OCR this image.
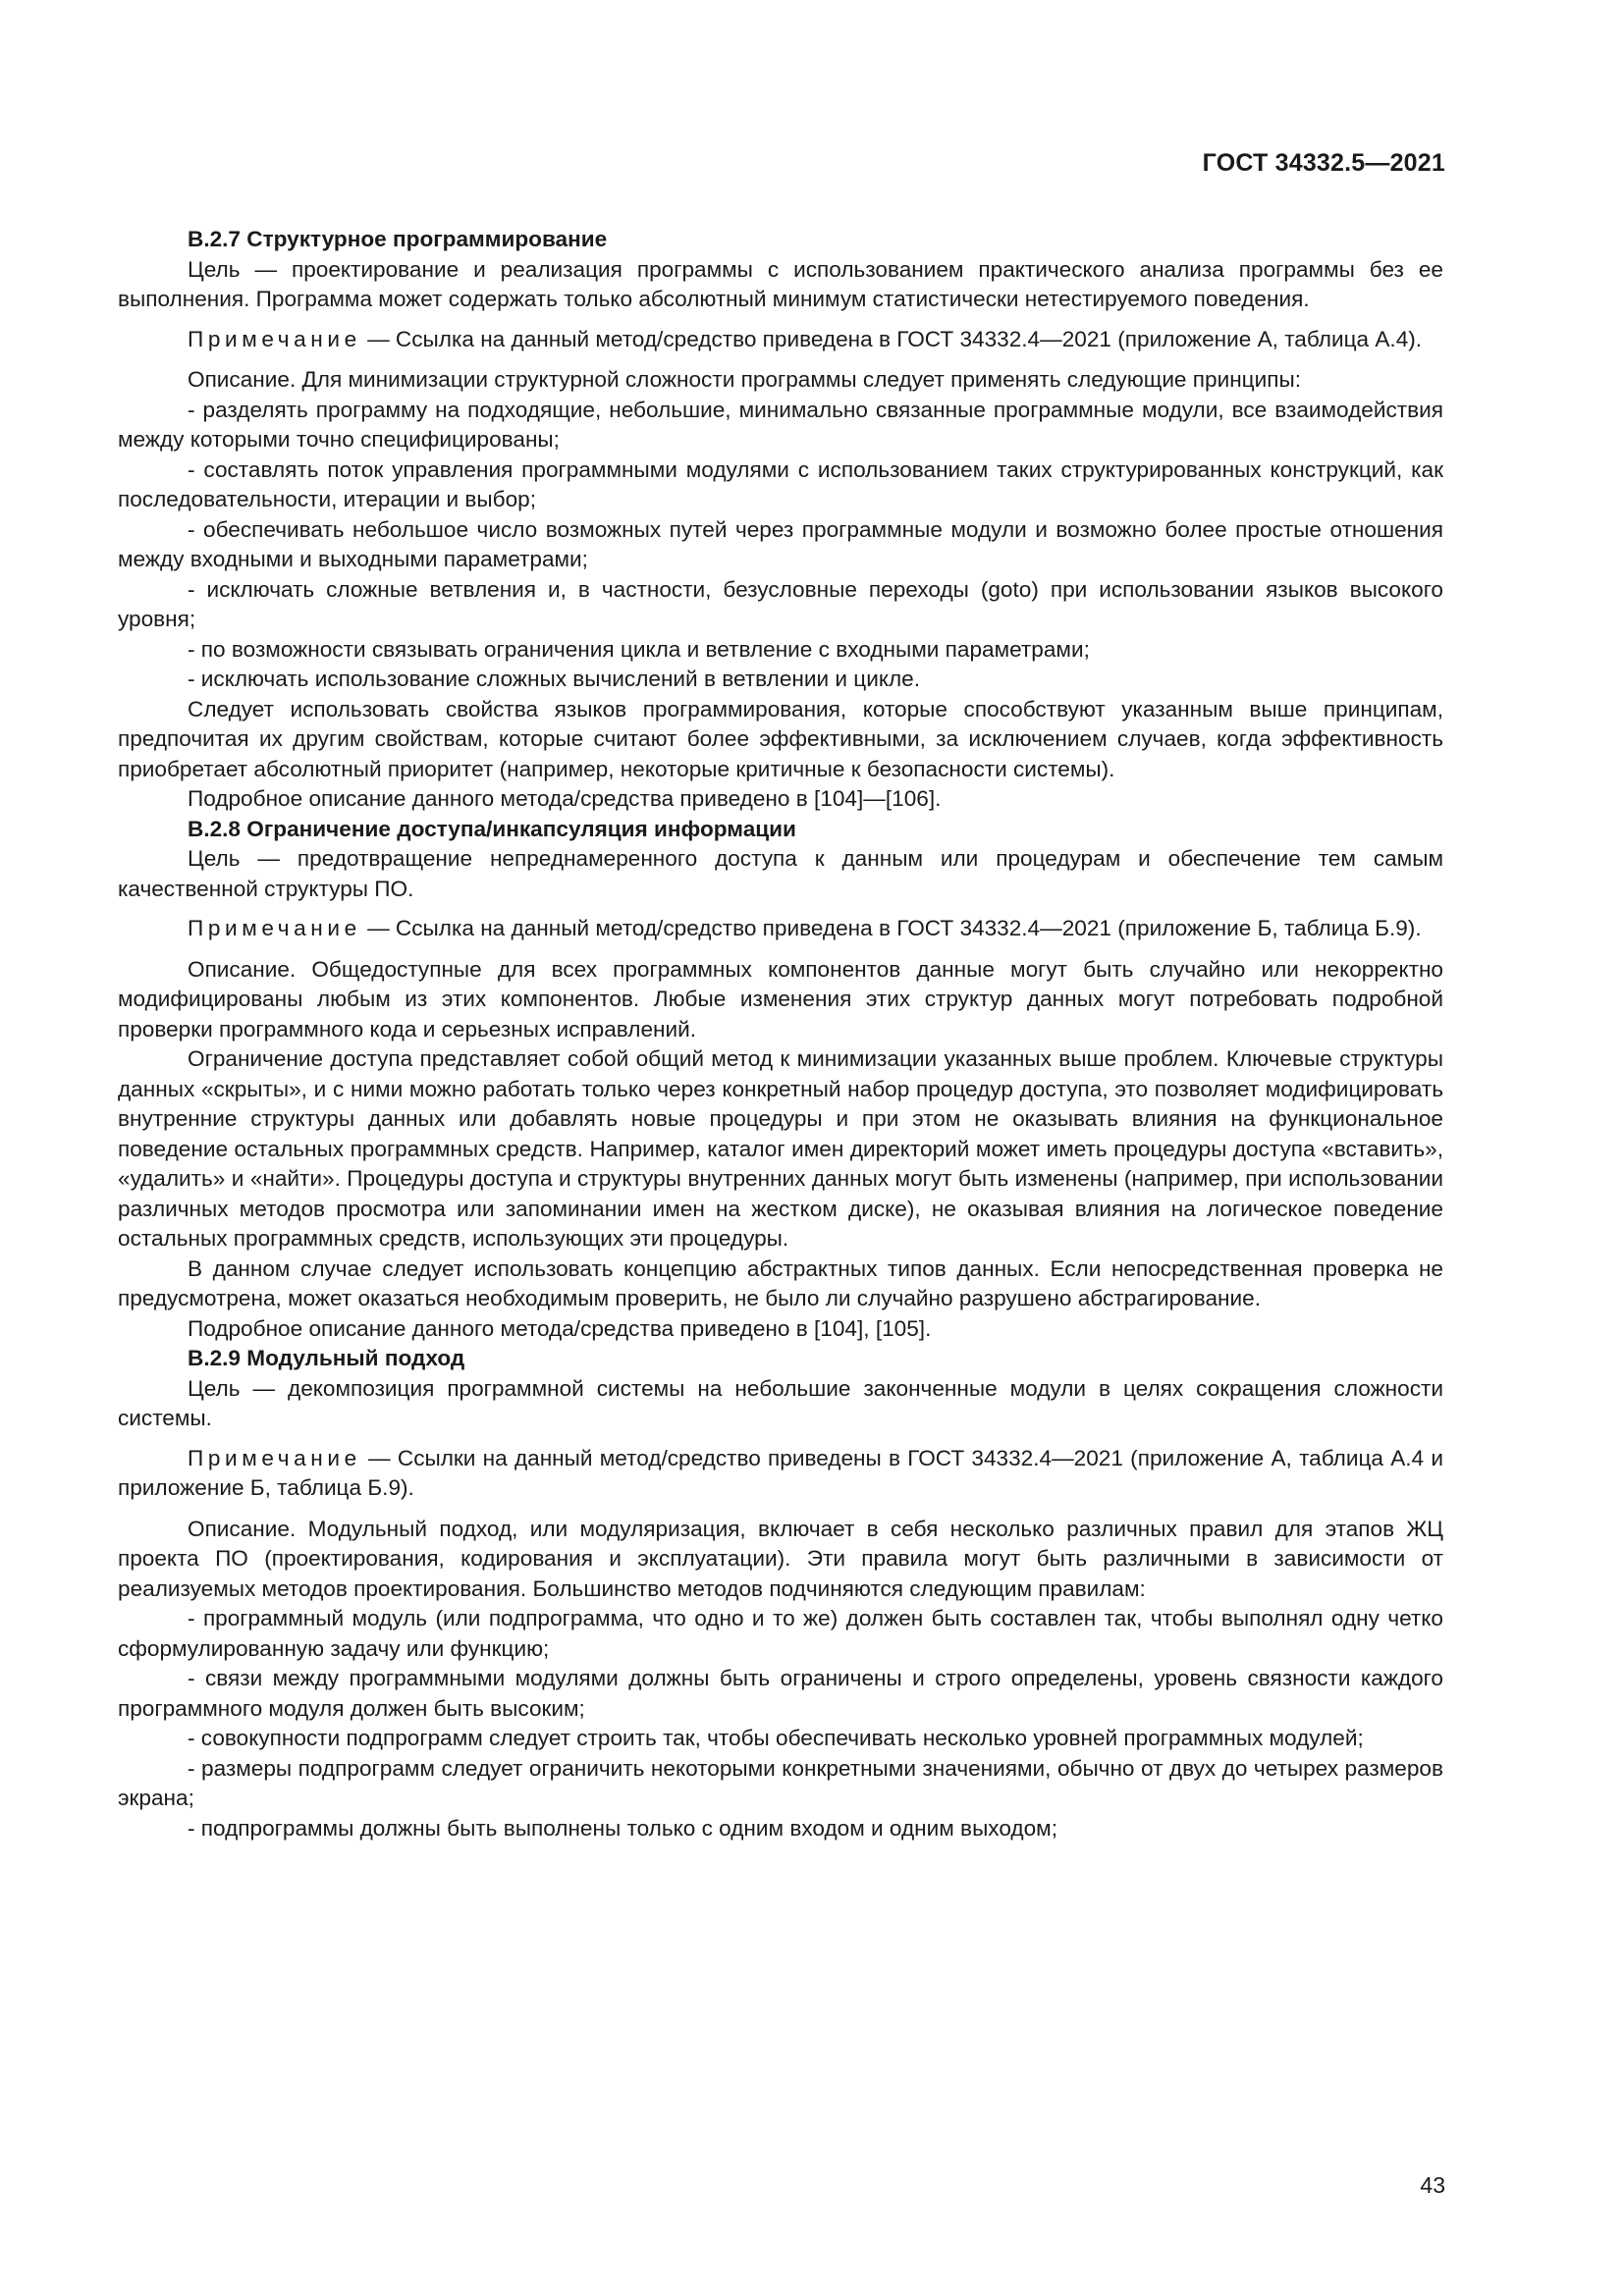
ГОСТ 34332.5—2021
В.2.7 Структурное программирование

Цель — проектирование и реализация программы с использованием практического анализа программы без ее выполнения. Программа может содержать только абсолютный минимум статистически нетестируемого поведения.

Примечание — Ссылка на данный метод/средство приведена в ГОСТ 34332.4—2021 (приложение А, таблица А.4).

Описание. Для минимизации структурной сложности программы следует применять следующие принципы:

- разделять программу на подходящие, небольшие, минимально связанные программные модули, все взаимодействия между которыми точно специфицированы;

- составлять поток управления программными модулями с использованием таких структурированных конструкций, как последовательности, итерации и выбор;

- обеспечивать небольшое число возможных путей через программные модули и возможно более простые отношения между входными и выходными параметрами;

- исключать сложные ветвления и, в частности, безусловные переходы (goto) при использовании языков высокого уровня;

- по возможности связывать ограничения цикла и ветвление с входными параметрами;

- исключать использование сложных вычислений в ветвлении и цикле.

Следует использовать свойства языков программирования, которые способствуют указанным выше принципам, предпочитая их другим свойствам, которые считают более эффективными, за исключением случаев, когда эффективность приобретает абсолютный приоритет (например, некоторые критичные к безопасности системы).

Подробное описание данного метода/средства приведено в [104]—[106].

В.2.8 Ограничение доступа/инкапсуляция информации

Цель — предотвращение непреднамеренного доступа к данным или процедурам и обеспечение тем самым качественной структуры ПО.

Примечание — Ссылка на данный метод/средство приведена в ГОСТ 34332.4—2021 (приложение Б, таблица Б.9).

Описание. Общедоступные для всех программных компонентов данные могут быть случайно или некорректно модифицированы любым из этих компонентов. Любые изменения этих структур данных могут потребовать подробной проверки программного кода и серьезных исправлений.

Ограничение доступа представляет собой общий метод к минимизации указанных выше проблем. Ключевые структуры данных «скрыты», и с ними можно работать только через конкретный набор процедур доступа, это позволяет модифицировать внутренние структуры данных или добавлять новые процедуры и при этом не оказывать влияния на функциональное поведение остальных программных средств. Например, каталог имен директорий может иметь процедуры доступа «вставить», «удалить» и «найти». Процедуры доступа и структуры внутренних данных могут быть изменены (например, при использовании различных методов просмотра или запоминании имен на жестком диске), не оказывая влияния на логическое поведение остальных программных средств, использующих эти процедуры.

В данном случае следует использовать концепцию абстрактных типов данных. Если непосредственная проверка не предусмотрена, может оказаться необходимым проверить, не было ли случайно разрушено абстрагирование.

Подробное описание данного метода/средства приведено в [104], [105].

В.2.9 Модульный подход

Цель — декомпозиция программной системы на небольшие законченные модули в целях сокращения сложности системы.

Примечание — Ссылки на данный метод/средство приведены в ГОСТ 34332.4—2021 (приложение А, таблица А.4 и приложение Б, таблица Б.9).

Описание. Модульный подход, или модуляризация, включает в себя несколько различных правил для этапов ЖЦ проекта ПО (проектирования, кодирования и эксплуатации). Эти правила могут быть различными в зависимости от реализуемых методов проектирования. Большинство методов подчиняются следующим правилам:

- программный модуль (или подпрограмма, что одно и то же) должен быть составлен так, чтобы выполнял одну четко сформулированную задачу или функцию;

- связи между программными модулями должны быть ограничены и строго определены, уровень связности каждого программного модуля должен быть высоким;

- совокупности подпрограмм следует строить так, чтобы обеспечивать несколько уровней программных модулей;

- размеры подпрограмм следует ограничить некоторыми конкретными значениями, обычно от двух до четырех размеров экрана;

- подпрограммы должны быть выполнены только с одним входом и одним выходом;

43
